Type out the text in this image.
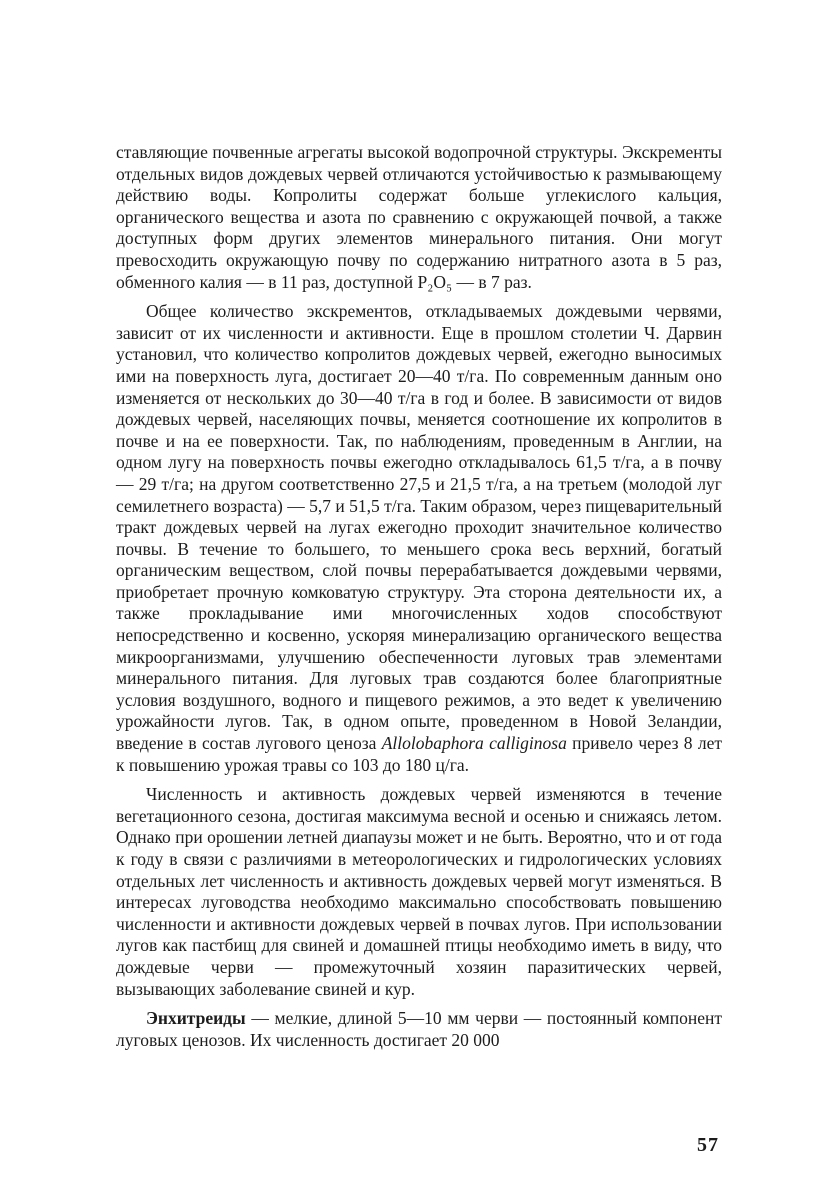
ставляющие почвенные агрегаты высокой водопрочной структуры. Экскременты отдельных видов дождевых червей отличаются устойчивостью к размывающему действию воды. Копролиты содержат больше углекислого кальция, органического вещества и азота по сравнению с окружающей почвой, а также доступных форм других элементов минерального питания. Они могут превосходить окружающую почву по содержанию нитратного азота в 5 раз, обменного калия — в 11 раз, доступной P₂O₅ — в 7 раз.

Общее количество экскрементов, откладываемых дождевыми червями, зависит от их численности и активности. Еще в прошлом столетии Ч. Дарвин установил, что количество копролитов дождевых червей, ежегодно выносимых ими на поверхность луга, достигает 20—40 т/га. По современным данным оно изменяется от нескольких до 30—40 т/га в год и более. В зависимости от видов дождевых червей, населяющих почвы, меняется соотношение их копролитов в почве и на ее поверхности. Так, по наблюдениям, проведенным в Англии, на одном лугу на поверхность почвы ежегодно откладывалось 61,5 т/га, а в почву — 29 т/га; на другом соответственно 27,5 и 21,5 т/га, а на третьем (молодой луг семилетнего возраста) — 5,7 и 51,5 т/га. Таким образом, через пищеварительный тракт дождевых червей на лугах ежегодно проходит значительное количество почвы. В течение то большего, то меньшего срока весь верхний, богатый органическим веществом, слой почвы перерабатывается дождевыми червями, приобретает прочную комковатую структуру. Эта сторона деятельности их, а также прокладывание ими многочисленных ходов способствуют непосредственно и косвенно, ускоряя минерализацию органического вещества микроорганизмами, улучшению обеспеченности луговых трав элементами минерального питания. Для луговых трав создаются более благоприятные условия воздушного, водного и пищевого режимов, а это ведет к увеличению урожайности лугов. Так, в одном опыте, проведенном в Новой Зеландии, введение в состав лугового ценоза Allolobaphora calliginosa привело через 8 лет к повышению урожая травы со 103 до 180 ц/га.

Численность и активность дождевых червей изменяются в течение вегетационного сезона, достигая максимума весной и осенью и снижаясь летом. Однако при орошении летней диапаузы может и не быть. Вероятно, что и от года к году в связи с различиями в метеорологических и гидрологических условиях отдельных лет численность и активность дождевых червей могут изменяться. В интересах луговодства необходимо максимально способствовать повышению численности и активности дождевых червей в почвах лугов. При использовании лугов как пастбищ для свиней и домашней птицы необходимо иметь в виду, что дождевые черви — промежуточный хозяин паразитических червей, вызывающих заболевание свиней и кур.

Энхитреиды — мелкие, длиной 5—10 мм черви — постоянный компонент луговых ценозов. Их численность достигает 20 000

57
